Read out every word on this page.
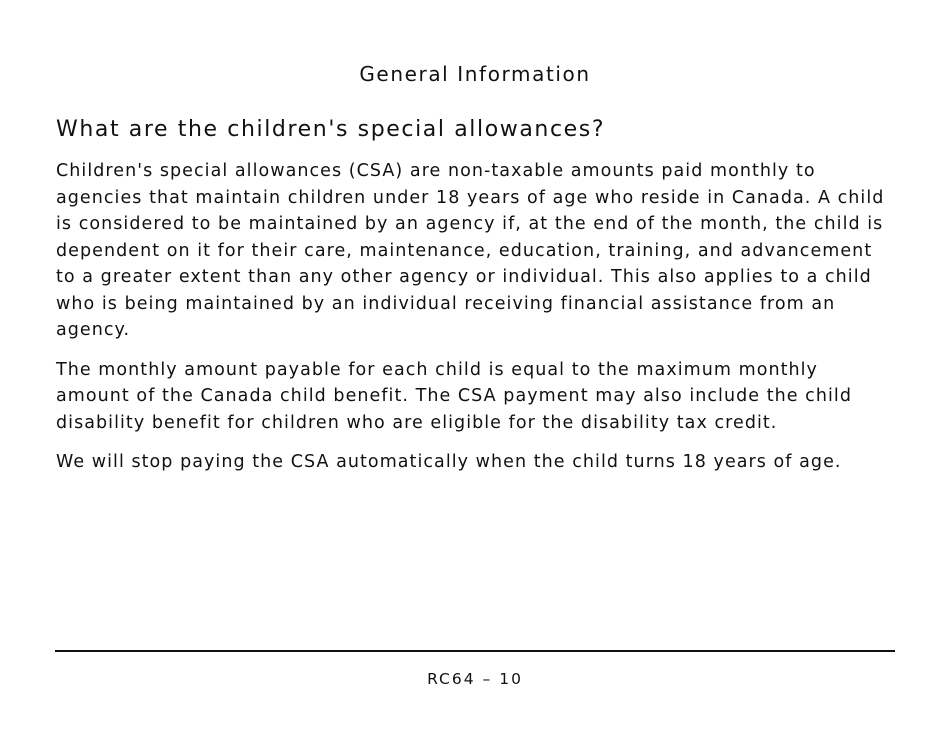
General Information
What are the children's special allowances?

Children's special allowances (CSA) are non-taxable amounts paid monthly to agencies that maintain children under 18 years of age who reside in Canada. A child is considered to be maintained by an agency if, at the end of the month, the child is dependent on it for their care, maintenance, education, training, and advancement to a greater extent than any other agency or individual. This also applies to a child who is being maintained by an individual receiving financial assistance from an agency.

The monthly amount payable for each child is equal to the maximum monthly amount of the Canada child benefit. The CSA payment may also include the child disability benefit for children who are eligible for the disability tax credit.

We will stop paying the CSA automatically when the child turns 18 years of age.

RC64 – 10
